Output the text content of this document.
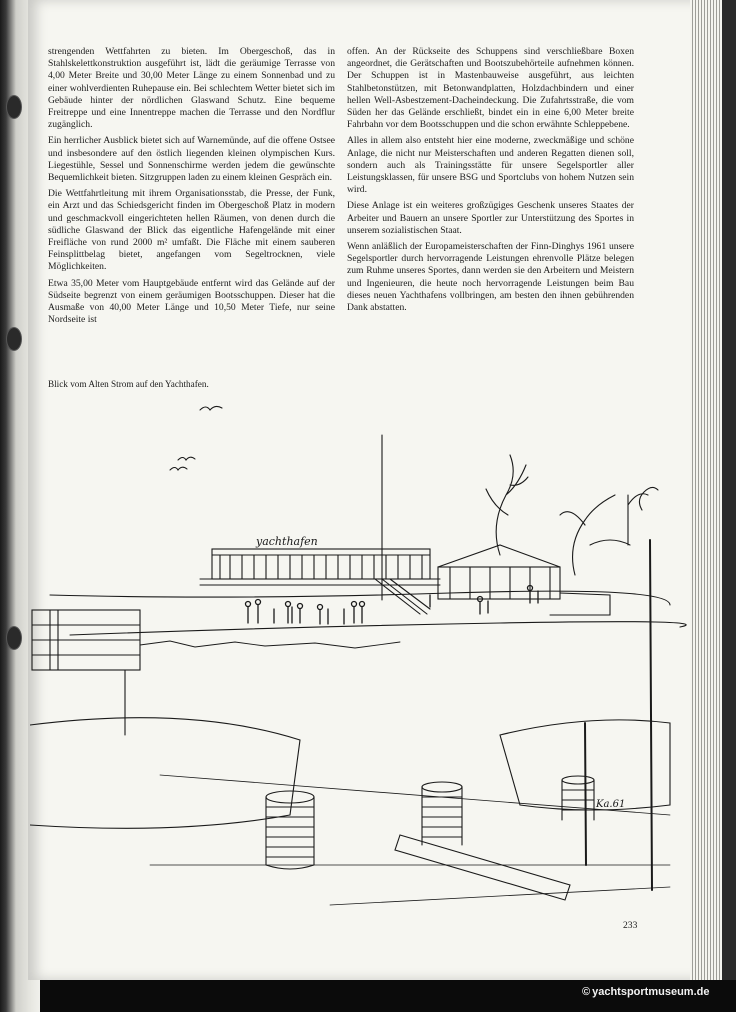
strengenden Wettfahrten zu bieten. Im Obergeschoß, das in Stahlskelettkonstruktion ausgeführt ist, lädt die geräumige Terrasse von 4,00 Meter Breite und 30,00 Meter Länge zu einem Sonnenbad und zu einer wohlverdienten Ruhepause ein. Bei schlechtem Wetter bietet sich im Gebäude hinter der nördlichen Glaswand Schutz. Eine bequeme Freitreppe und eine Innentreppe machen die Terrasse und den Nordflur zugänglich.

Ein herrlicher Ausblick bietet sich auf Warnemünde, auf die offene Ostsee und insbesondere auf den östlich liegenden kleinen olympischen Kurs. Liegestühle, Sessel und Sonnenschirme werden jedem die gewünschte Bequemlichkeit bieten. Sitzgruppen laden zu einem kleinen Gespräch ein.

Die Wettfahrtleitung mit ihrem Organisationsstab, die Presse, der Funk, ein Arzt und das Schiedsgericht finden im Obergeschoß Platz in modern und geschmackvoll eingerichteten hellen Räumen, von denen durch die südliche Glaswand der Blick das eigentliche Hafengelände mit einer Freifläche von rund 2000 m² umfaßt. Die Fläche mit einem sauberen Feinsplittbelag bietet, angefangen vom Segeltrocknen, viele Möglichkeiten.

Etwa 35,00 Meter vom Hauptgebäude entfernt wird das Gelände auf der Südseite begrenzt von einem geräumigen Bootsschuppen. Dieser hat die Ausmaße von 40,00 Meter Länge und 10,50 Meter Tiefe, nur seine Nordseite ist

offen. An der Rückseite des Schuppens sind verschließbare Boxen angeordnet, die Gerätschaften und Bootszubehörteile aufnehmen können. Der Schuppen ist in Mastenbauweise ausgeführt, aus leichten Stahlbetonstützen, mit Betonwandplatten, Holzdachbindern und einer hellen Well-Asbestzement-Dacheindeckung. Die Zufahrtsstraße, die vom Süden her das Gelände erschließt, bindet ein in eine 6,00 Meter breite Fahrbahn vor dem Bootsschuppen und die schon erwähnte Schleppebene.

Alles in allem also entsteht hier eine moderne, zweckmäßige und schöne Anlage, die nicht nur Meisterschaften und anderen Regatten dienen soll, sondern auch als Trainingsstätte für unsere Segelsportler aller Leistungsklassen, für unsere BSG und Sportclubs von hohem Nutzen sein wird.

Diese Anlage ist ein weiteres großzügiges Geschenk unseres Staates der Arbeiter und Bauern an unsere Sportler zur Unterstützung des Sportes in unserem sozialistischen Staat.

Wenn anläßlich der Europameisterschaften der Finn-Dinghys 1961 unsere Segelsportler durch hervorragende Leistungen ehrenvolle Plätze belegen zum Ruhme unseres Sportes, dann werden sie den Arbeitern und Meistern und Ingenieuren, die heute noch hervorragende Leistungen beim Bau dieses neuen Yachthafens vollbringen, am besten den ihnen gebührenden Dank abstatten.

Blick vom Alten Strom auf den Yachthafen.
yachthafen
Ka.61
233
© yachtsportmuseum.de
